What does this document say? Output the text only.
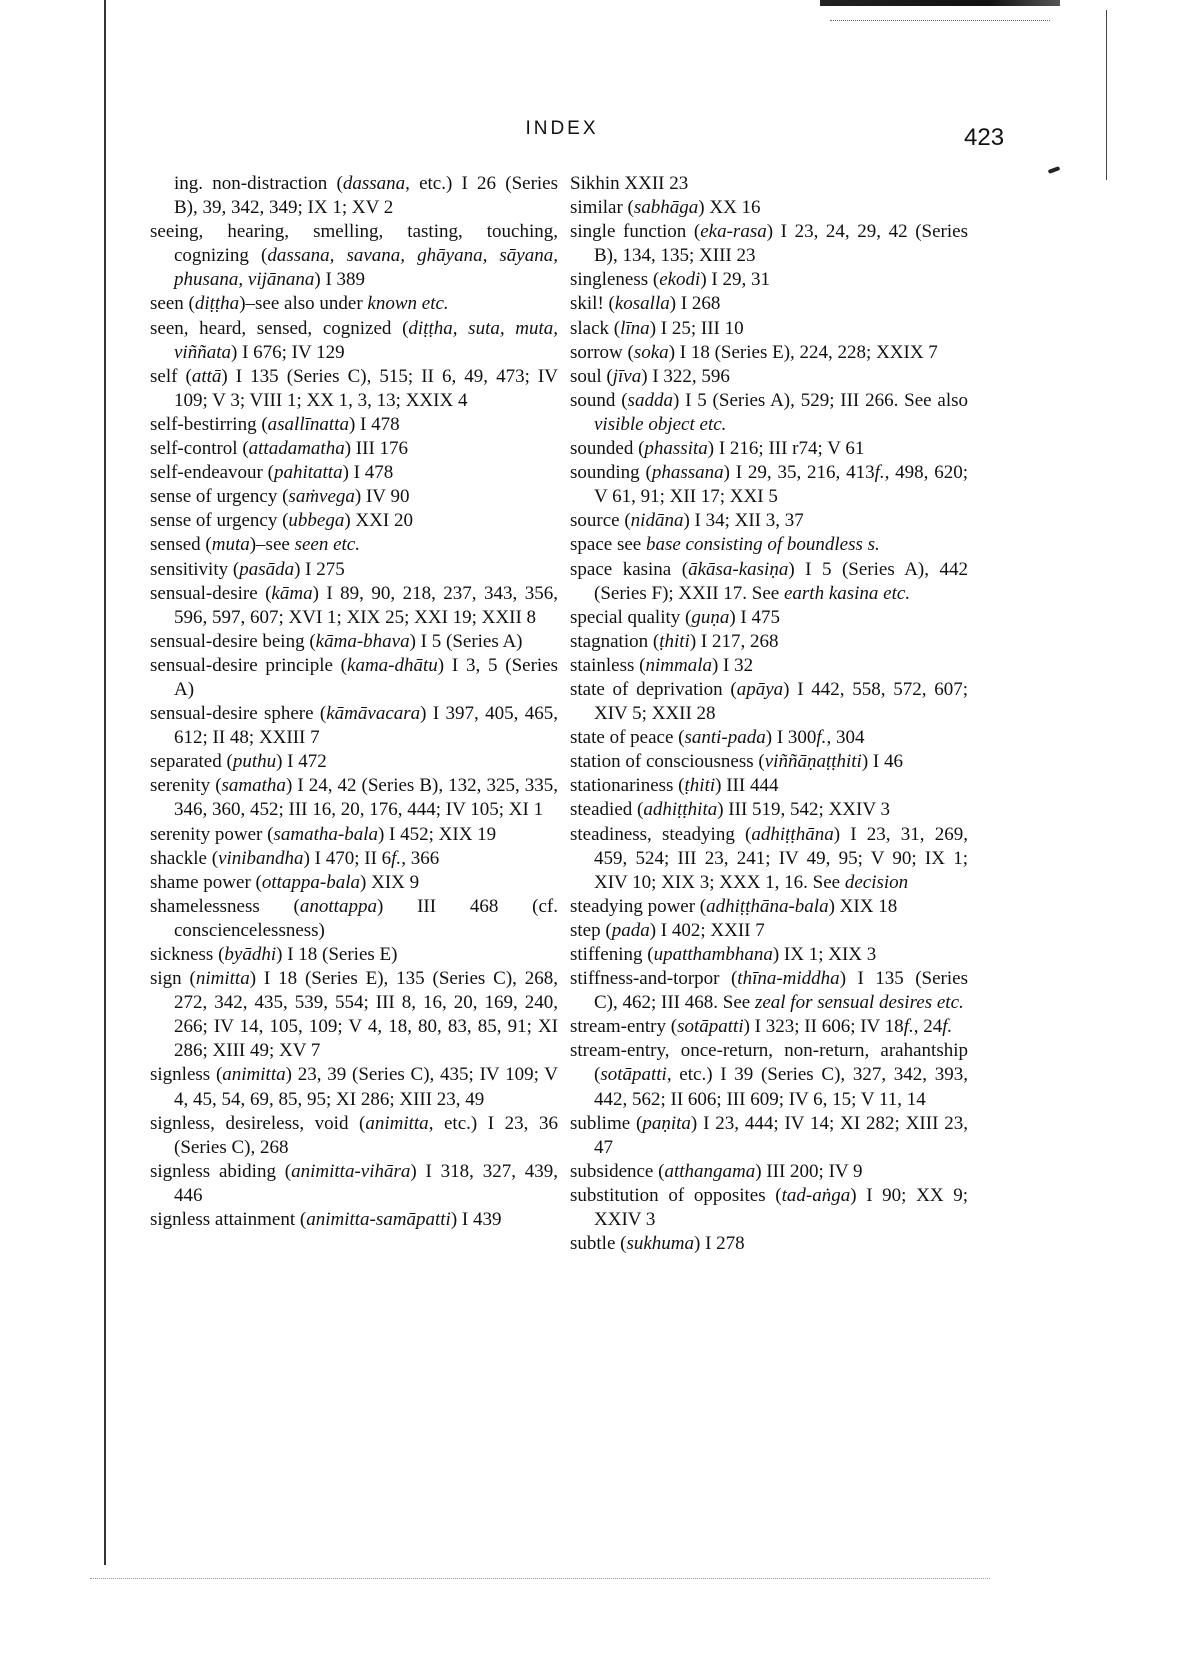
INDEX	423
ing. non-distraction (dassana, etc.) I 26 (Series B), 39, 342, 349; IX 1; XV 2
seeing, hearing, smelling, tasting, touching, cognizing (dassana, savana, ghāyana, sāyana, phusana, vijānana) I 389
seen (diṭṭha)–see also under known etc.
seen, heard, sensed, cognized (diṭṭha, suta, muta, viññata) I 676; IV 129
self (attā) I 135 (Series C), 515; II 6, 49, 473; IV 109; V 3; VIII 1; XX 1, 3, 13; XXIX 4
self-bestirring (asallīnatta) I 478
self-control (attadamatha) III 176
self-endeavour (pahitatta) I 478
sense of urgency (saṁvega) IV 90
sense of urgency (ubbega) XXI 20
sensed (muta)–see seen etc.
sensitivity (pasāda) I 275
sensual-desire (kāma) I 89, 90, 218, 237, 343, 356, 596, 597, 607; XVI 1; XIX 25; XXI 19; XXII 8
sensual-desire being (kāma-bhava) I 5 (Series A)
sensual-desire principle (kama-dhātu) I 3, 5 (Series A)
sensual-desire sphere (kāmāvacara) I 397, 405, 465, 612; II 48; XXIII 7
separated (puthu) I 472
serenity (samatha) I 24, 42 (Series B), 132, 325, 335, 346, 360, 452; III 16, 20, 176, 444; IV 105; XI 1
serenity power (samatha-bala) I 452; XIX 19
shackle (vinibandha) I 470; II 6f., 366
shame power (ottappa-bala) XIX 9
shamelessness (anottappa) III 468 (cf. consciencelessness)
sickness (byādhi) I 18 (Series E)
sign (nimitta) I 18 (Series E), 135 (Series C), 268, 272, 342, 435, 539, 554; III 8, 16, 20, 169, 240, 266; IV 14, 105, 109; V 4, 18, 80, 83, 85, 91; XI 286; XIII 49; XV 7
signless (animitta) 23, 39 (Series C), 435; IV 109; V 4, 45, 54, 69, 85, 95; XI 286; XIII 23, 49
signless, desireless, void (animitta, etc.) I 23, 36 (Series C), 268
signless abiding (animitta-vihāra) I 318, 327, 439, 446
signless attainment (animitta-samāpatti) I 439
Sikhin XXII 23
similar (sabhāga) XX 16
single function (eka-rasa) I 23, 24, 29, 42 (Series B), 134, 135; XIII 23
singleness (ekodi) I 29, 31
skil! (kosalla) I 268
slack (līna) I 25; III 10
sorrow (soka) I 18 (Series E), 224, 228; XXIX 7
soul (jīva) I 322, 596
sound (sadda) I 5 (Series A), 529; III 266. See also visible object etc.
sounded (phassita) I 216; III r74; V 61
sounding (phassana) I 29, 35, 216, 413f., 498, 620; V 61, 91; XII 17; XXI 5
source (nidāna) I 34; XII 3, 37
space see base consisting of boundless s.
space kasina (ākāsa-kasiṇa) I 5 (Series A), 442 (Series F); XXII 17. See earth kasina etc.
special quality (guṇa) I 475
stagnation (ṭhiti) I 217, 268
stainless (nimmala) I 32
state of deprivation (apāya) I 442, 558, 572, 607; XIV 5; XXII 28
state of peace (santi-pada) I 300f., 304
station of consciousness (viññāṇaṭṭhiti) I 46
stationariness (ṭhiti) III 444
steadied (adhiṭṭhita) III 519, 542; XXIV 3
steadiness, steadying (adhiṭṭhāna) I 23, 31, 269, 459, 524; III 23, 241; IV 49, 95; V 90; IX 1; XIV 10; XIX 3; XXX 1, 16. See decision
steadying power (adhiṭṭhāna-bala) XIX 18
step (pada) I 402; XXII 7
stiffening (upatthambhana) IX 1; XIX 3
stiffness-and-torpor (thīna-middha) I 135 (Series C), 462; III 468. See zeal for sensual desires etc.
stream-entry (sotāpatti) I 323; II 606; IV 18f., 24f.
stream-entry, once-return, non-return, arahantship (sotāpatti, etc.) I 39 (Series C), 327, 342, 393, 442, 562; II 606; III 609; IV 6, 15; V 11, 14
sublime (paṇita) I 23, 444; IV 14; XI 282; XIII 23, 47
subsidence (atthangama) III 200; IV 9
substitution of opposites (tad-aṅga) I 90; XX 9; XXIV 3
subtle (sukhuma) I 278
